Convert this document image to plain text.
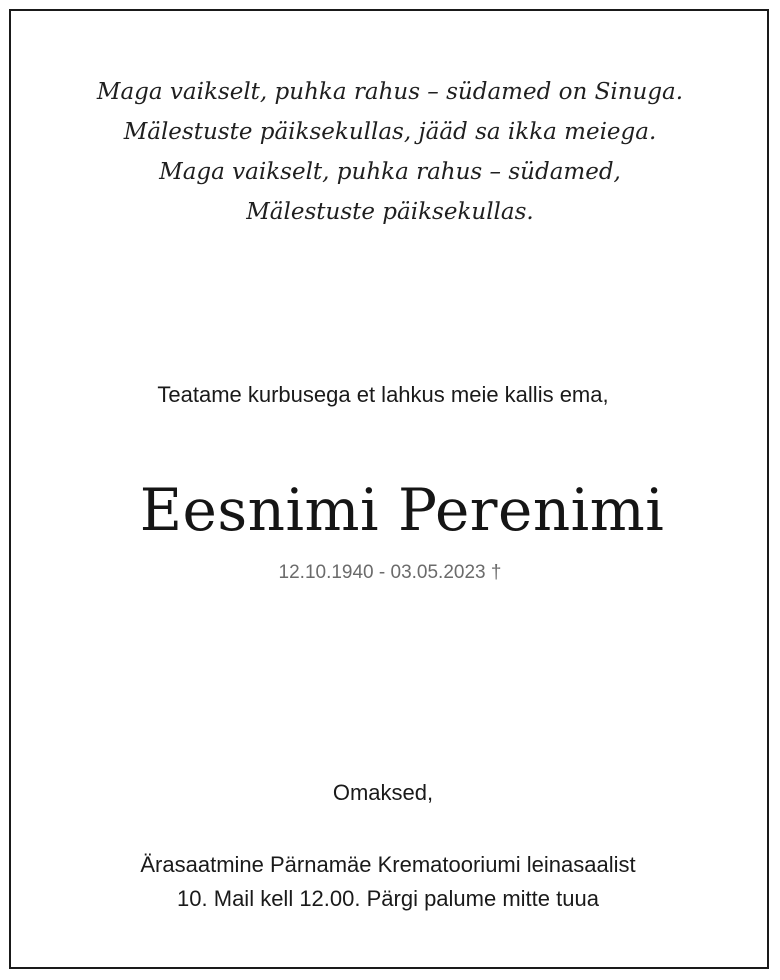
Maga vaikselt, puhka rahus – südamed on Sinuga.
Mälestuste päiksekullas, jääd sa ikka meiega.
Maga vaikselt, puhka rahus – südamed,
Mälestuste päiksekullas.
Teatame kurbusega et lahkus meie kallis ema,
Eesnimi Perenimi
12.10.1940 - 03.05.2023 †
Omaksed,
Ärasaatmine Pärnamäe Krematooriumi leinasaalist
10. Mail kell 12.00. Pärgi palume mitte tuua
